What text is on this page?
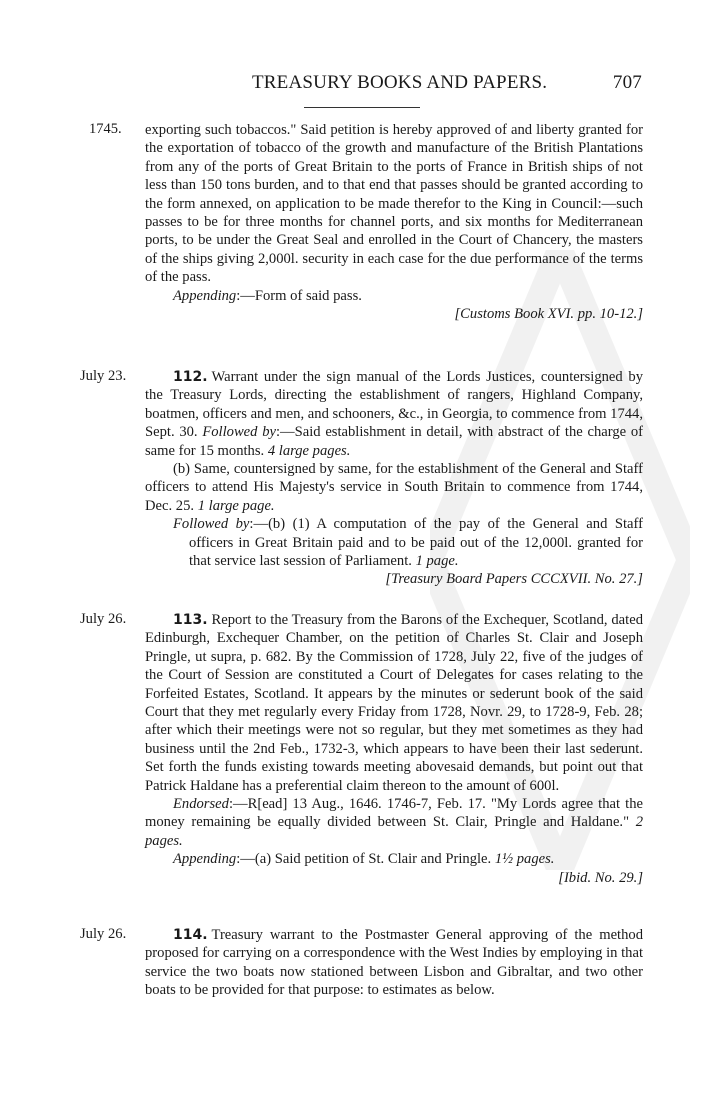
TREASURY BOOKS AND PAPERS.	707
1745. exporting such tobaccos." Said petition is hereby approved of and liberty granted for the exportation of tobacco of the growth and manufacture of the British Plantations from any of the ports of Great Britain to the ports of France in British ships of not less than 150 tons burden, and to that end that passes should be granted according to the form annexed, on application to be made therefor to the King in Council:—such passes to be for three months for channel ports, and six months for Mediterranean ports, to be under the Great Seal and enrolled in the Court of Chancery, the masters of the ships giving 2,000l. security in each case for the due performance of the terms of the pass.

Appending:—Form of said pass.

[Customs Book XVI. pp. 10-12.]

July 23.	112. Warrant under the sign manual of the Lords Justices, countersigned by the Treasury Lords, directing the establishment of rangers, Highland Company, boatmen, officers and men, and schooners, &c., in Georgia, to commence from 1744, Sept. 30. Followed by:—Said establishment in detail, with abstract of the charge of same for 15 months. 4 large pages.

(b) Same, countersigned by same, for the establishment of the General and Staff officers to attend His Majesty's service in South Britain to commence from 1744, Dec. 25. 1 large page.

Followed by:—(b) (1) A computation of the pay of the General and Staff officers in Great Britain paid and to be paid out of the 12,000l. granted for that service last session of Parliament. 1 page.

[Treasury Board Papers CCCXVII. No. 27.]

July 26.	113. Report to the Treasury from the Barons of the Exchequer, Scotland, dated Edinburgh, Exchequer Chamber, on the petition of Charles St. Clair and Joseph Pringle, ut supra, p. 682. By the Commission of 1728, July 22, five of the judges of the Court of Session are constituted a Court of Delegates for cases relating to the Forfeited Estates, Scotland. It appears by the minutes or sederunt book of the said Court that they met regularly every Friday from 1728, Novr. 29, to 1728-9, Feb. 28; after which their meetings were not so regular, but they met sometimes as they had business until the 2nd Feb., 1732-3, which appears to have been their last sederunt. Set forth the funds existing towards meeting abovesaid demands, but point out that Patrick Haldane has a preferential claim thereon to the amount of 600l.

Endorsed:—R[ead] 13 Aug., 1646. 1746-7, Feb. 17. "My Lords agree that the money remaining be equally divided between St. Clair, Pringle and Haldane." 2 pages.

Appending:—(a) Said petition of St. Clair and Pringle. 1½ pages.

[Ibid. No. 29.]

July 26.	114. Treasury warrant to the Postmaster General approving of the method proposed for carrying on a correspondence with the West Indies by employing in that service the two boats now stationed between Lisbon and Gibraltar, and two other boats to be provided for that purpose: to estimates as below.
